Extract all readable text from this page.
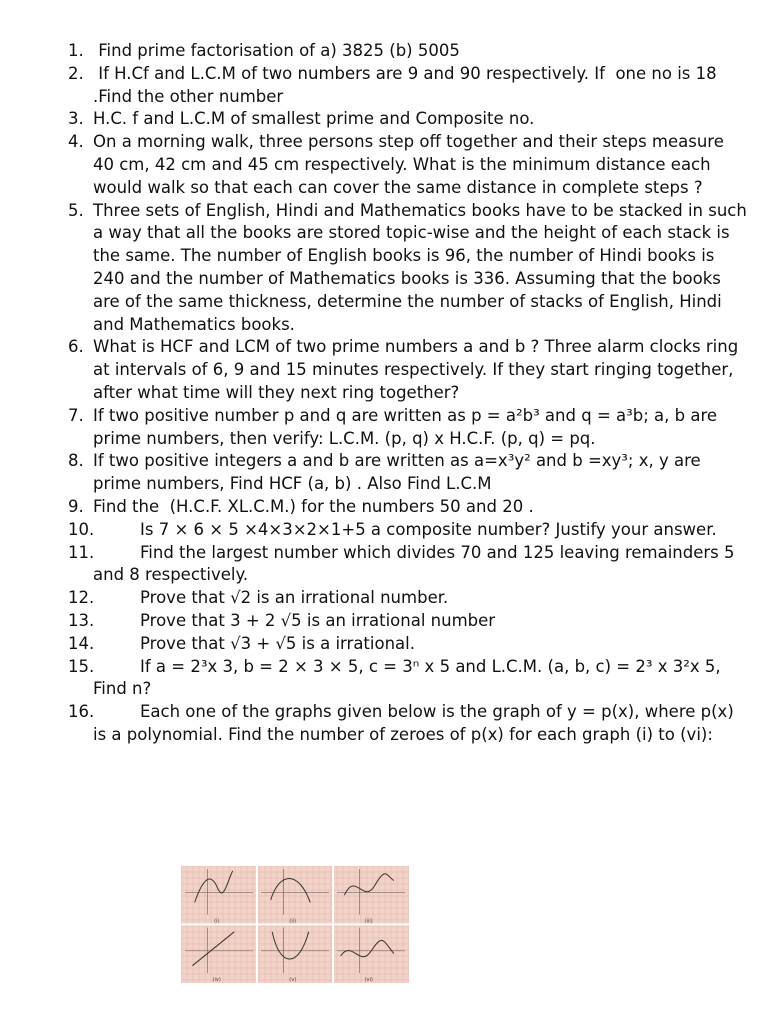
1. Find prime factorisation of a) 3825 (b) 5005
2. If H.Cf and L.C.M of two numbers are 9 and 90 respectively. If  one no is 18 .Find the other number
3. H.C. f and L.C.M of smallest prime and Composite no.
4. On a morning walk, three persons step off together and their steps measure 40 cm, 42 cm and 45 cm respectively. What is the minimum distance each would walk so that each can cover the same distance in complete steps ?
5. Three sets of English, Hindi and Mathematics books have to be stacked in such a way that all the books are stored topic-wise and the height of each stack is the same. The number of English books is 96, the number of Hindi books is 240 and the number of Mathematics books is 336. Assuming that the books are of the same thickness, determine the number of stacks of English, Hindi and Mathematics books.
6. What is HCF and LCM of two prime numbers a and b ? Three alarm clocks ring at intervals of 6, 9 and 15 minutes respectively. If they start ringing together, after what time will they next ring together?
7. If two positive number p and q are written as p = a²b³ and q = a³b; a, b are prime numbers, then verify: L.C.M. (p, q) x H.C.F. (p, q) = pq.
8. If two positive integers a and b are written as a=x³y² and b =xy³; x, y are prime numbers, Find HCF (a, b) . Also Find L.C.M
9. Find the  (H.C.F. XL.C.M.) for the numbers 50 and 20 .
10.	Is 7 × 6 × 5 ×4×3×2×1+5 a composite number? Justify your answer.
11.	Find the largest number which divides 70 and 125 leaving remainders 5 and 8 respectively.
12.	Prove that √2 is an irrational number.
13.	Prove that 3 + 2 √5 is an irrational number
14.	Prove that √3 + √5 is a irrational.
15.	If a = 2³x 3, b = 2 × 3 × 5, c = 3ⁿ x 5 and L.C.M. (a, b, c) = 2³ x 3²x 5, Find n?
16.	Each one of the graphs given below is the graph of y = p(x), where p(x) is a polynomial. Find the number of zeroes of p(x) for each graph (i) to (vi):
(i)	(ii)	(iii)
(iv)	(v)	(vi)
